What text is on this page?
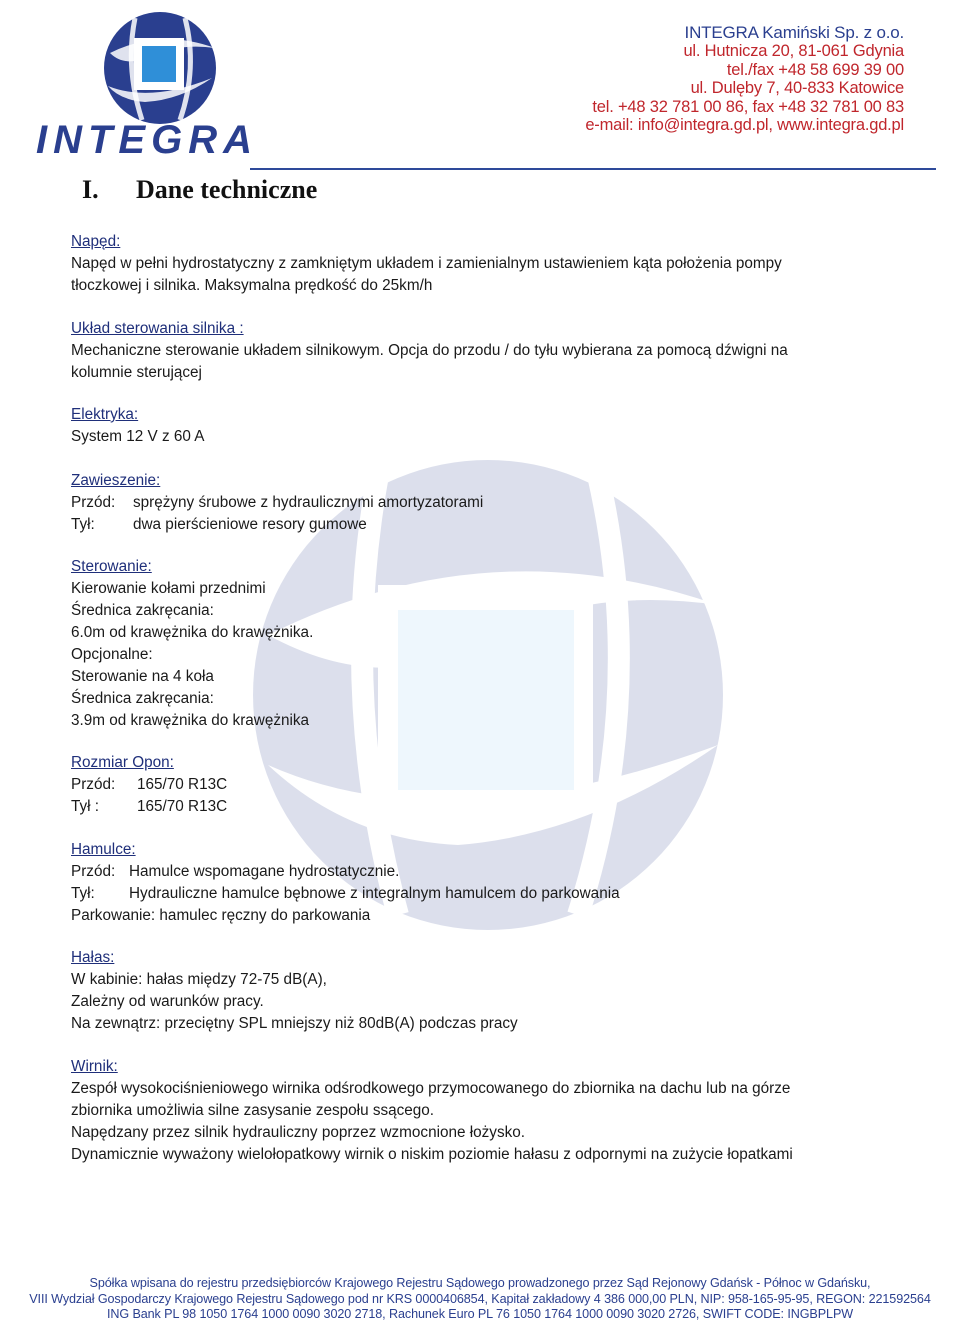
INTEGRA
INTEGRA Kamiński Sp. z o.o.
ul. Hutnicza 20, 81-061 Gdynia
tel./fax +48 58 699 39 00
ul. Dulęby 7, 40-833 Katowice
tel. +48 32 781 00 86, fax +48 32 781 00 83
e-mail: info@integra.gd.pl, www.integra.gd.pl
I. Dane techniczne
Napęd:
Napęd w pełni hydrostatyczny z zamkniętym układem i zamienialnym ustawieniem kąta położenia pompy
tłoczkowej i silnika. Maksymalna prędkość do 25km/h
Układ sterowania silnika :
Mechaniczne sterowanie układem silnikowym. Opcja do przodu / do tyłu wybierana za pomocą dźwigni na
kolumnie sterującej
Elektryka:
System 12 V z 60 A
Zawieszenie:
Przód: sprężyny śrubowe z hydraulicznymi amortyzatorami
Tył: dwa pierścieniowe resory gumowe
Sterowanie:
Kierowanie kołami przednimi
Średnica zakręcania:
6.0m od krawężnika do krawężnika.
Opcjonalne:
Sterowanie na 4 koła
Średnica zakręcania:
3.9m od krawężnika do krawężnika
Rozmiar Opon:
Przód: 165/70 R13C
Tył : 165/70 R13C
Hamulce:
Przód: Hamulce wspomagane hydrostatycznie.
Tył: Hydrauliczne hamulce bębnowe z integralnym hamulcem do parkowania
Parkowanie: hamulec ręczny do parkowania
Hałas:
W kabinie: hałas między 72-75 dB(A),
Zależny od warunków pracy.
Na zewnątrz: przeciętny SPL mniejszy niż 80dB(A) podczas pracy
Wirnik:
Zespół wysokociśnieniowego wirnika odśrodkowego przymocowanego do zbiornika na dachu lub na górze
zbiornika umożliwia silne zasysanie zespołu ssącego.
Napędzany przez silnik hydrauliczny poprzez wzmocnione łożysko.
Dynamicznie wyważony wielołopatkowy wirnik o niskim poziomie hałasu z odpornymi na zużycie łopatkami
Spółka wpisana do rejestru przedsiębiorców Krajowego Rejestru Sądowego prowadzonego przez Sąd Rejonowy Gdańsk - Północ w Gdańsku,
VIII Wydział Gospodarczy Krajowego Rejestru Sądowego pod nr KRS 0000406854, Kapitał zakładowy 4 386 000,00 PLN, NIP: 958-165-95-95, REGON: 221592564
ING Bank PL 98 1050 1764 1000 0090 3020 2718, Rachunek Euro PL 76 1050 1764 1000 0090 3020 2726, SWIFT CODE: INGBPLPW
